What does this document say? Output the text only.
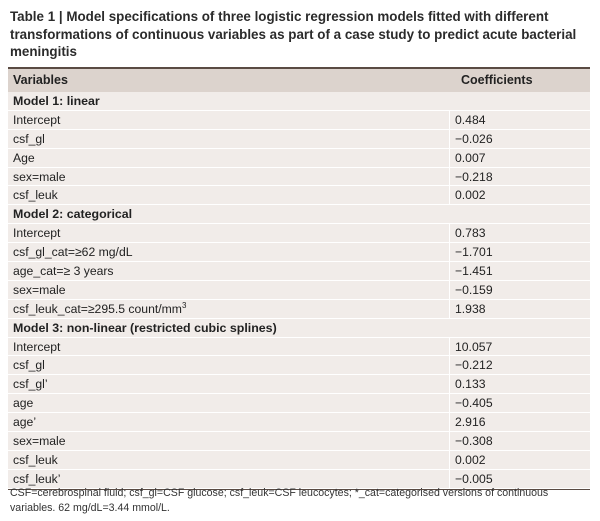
Table 1 | Model specifications of three logistic regression models fitted with different transformations of continuous variables as part of a case study to predict acute bacterial meningitis
Variables	Coefficients
Model 1: linear
Intercept	0.484
csf_gl	−0.026
Age	0.007
sex=male	−0.218
csf_leuk	0.002
Model 2: categorical
Intercept	0.783
csf_gl_cat=≥62 mg/dL	−1.701
age_cat=≥ 3 years	−1.451
sex=male	−0.159
csf_leuk_cat=≥295.5 count/$mm^3$	1.938
Model 3: non-linear (restricted cubic splines)
Intercept	10.057
csf_gl	−0.212
csf_gl’	0.133
age	−0.405
age’	2.916
sex=male	−0.308
csf_leuk	0.002
csf_leuk’	−0.005
CSF=cerebrospinal fluid; csf_gl=CSF glucose; csf_leuk=CSF leucocytes; *_cat=categorised versions of continuous variables. 62 mg/dL=3.44 mmol/L.
